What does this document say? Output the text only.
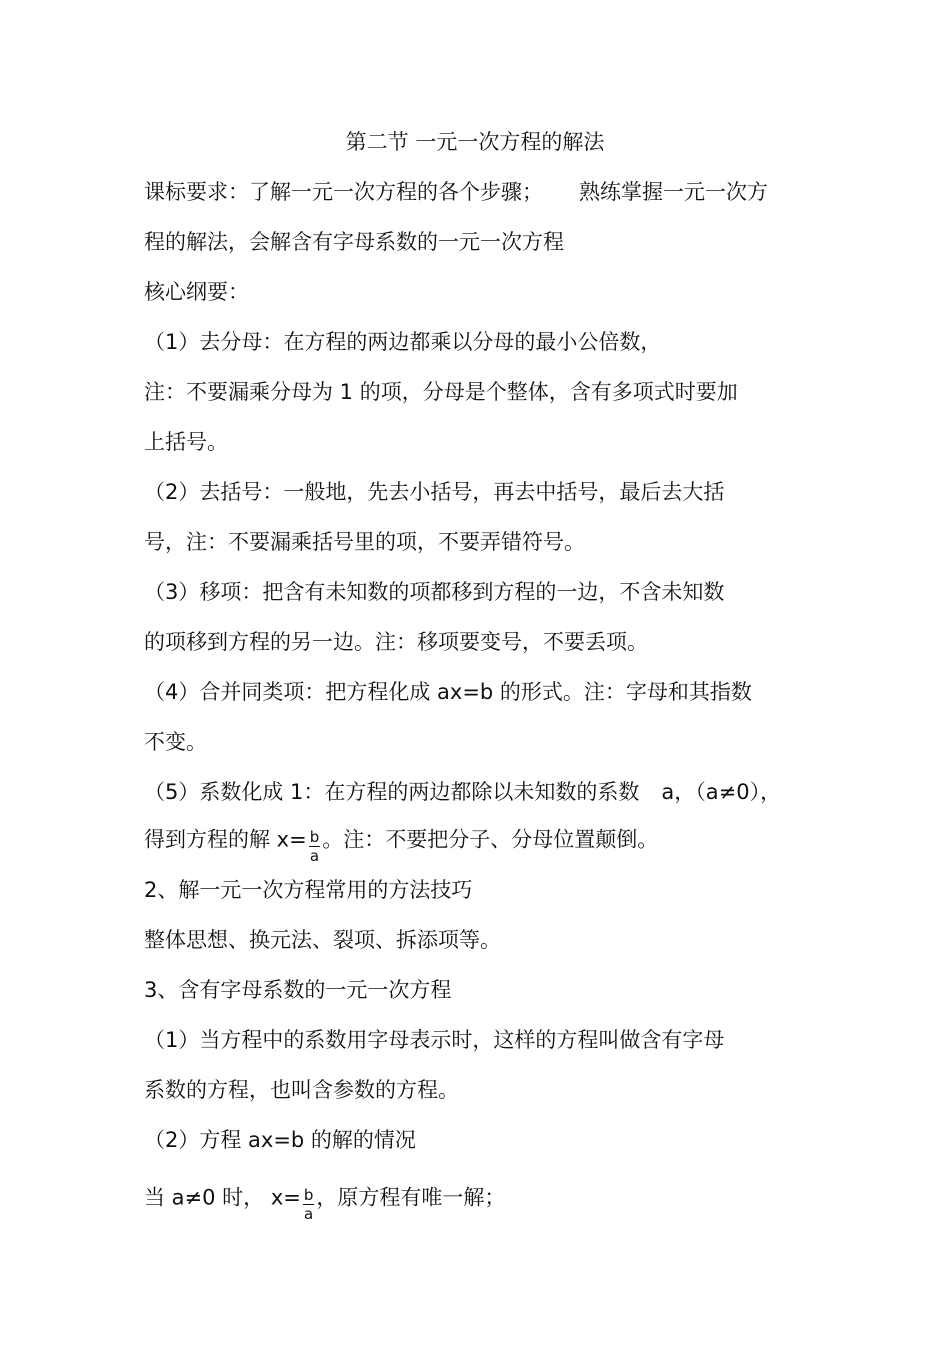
第二节 一元一次方程的解法
课标要求：了解一元一次方程的各个步骤； 熟练掌握一元一次方
程的解法，会解含有字母系数的一元一次方程
核心纲要：
（1）去分母：在方程的两边都乘以分母的最小公倍数，
注：不要漏乘分母为 1 的项，分母是个整体，含有多项式时要加
上括号。
（2）去括号：一般地，先去小括号，再去中括号，最后去大括
号，注：不要漏乘括号里的项，不要弄错符号。
（3）移项：把含有未知数的项都移到方程的一边，不含未知数
的项移到方程的另一边。注：移项要变号，不要丢项。
（4）合并同类项：把方程化成 ax=b 的形式。注：字母和其指数
不变。
（5）系数化成 1：在方程的两边都除以未知数的系数 a，（a≠0），
得到方程的解 $x= \frac{b}{a}$ 。注：不要把分子、分母位置颠倒。
2、解一元一次方程常用的方法技巧
整体思想、换元法、裂项、拆添项等。
3、含有字母系数的一元一次方程
（1）当方程中的系数用字母表示时，这样的方程叫做含有字母
系数的方程，也叫含参数的方程。
（2）方程 ax=b 的解的情况
当 a≠0 时， $x= \frac{b}{a}$ ，原方程有唯一解；
